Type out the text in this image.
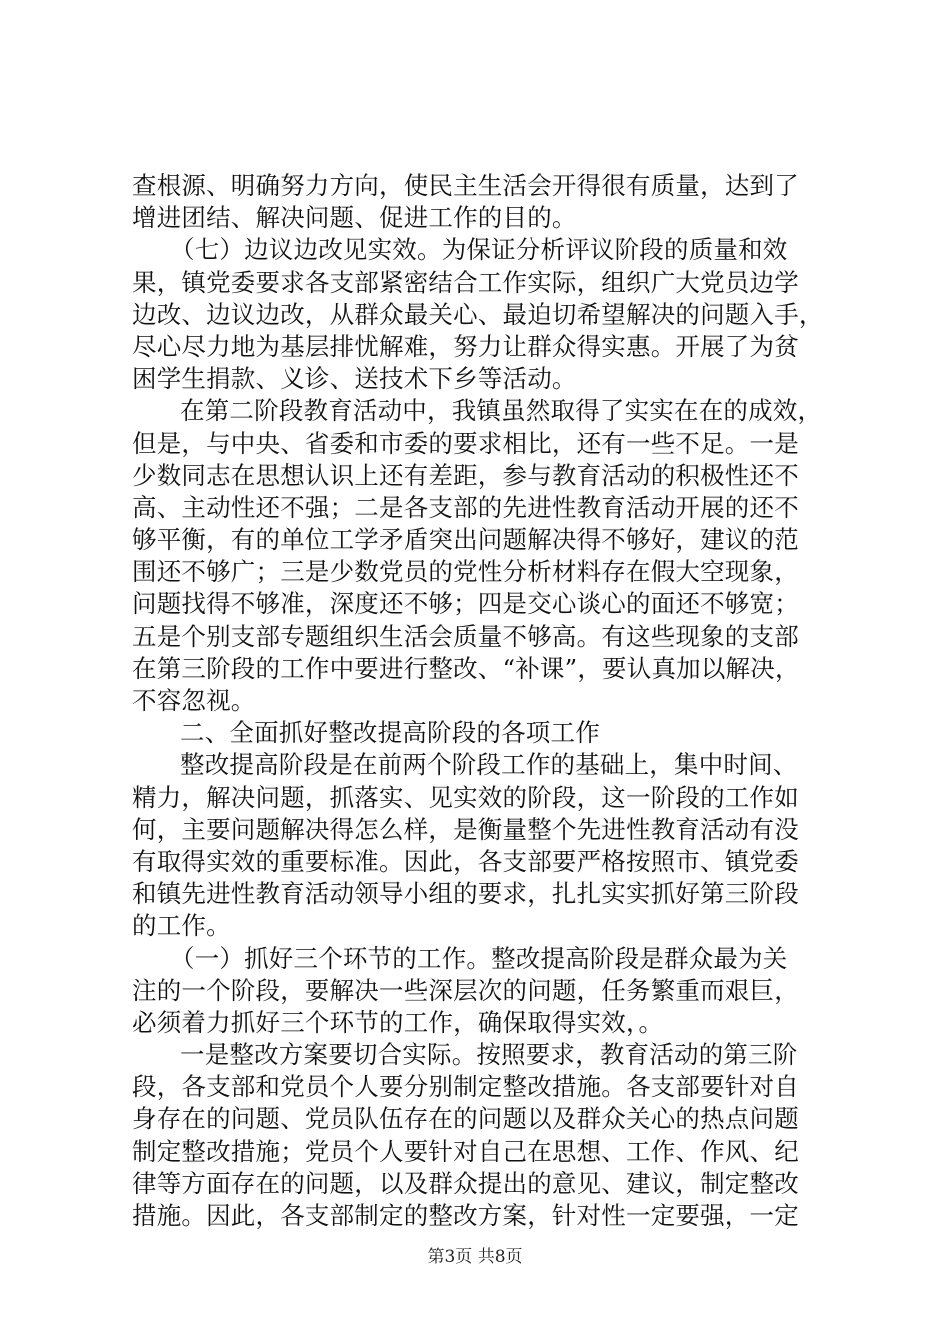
查根源、明确努力方向，使民主生活会开得很有质量，达到了
增进团结、解决问题、促进工作的目的。
（七）边议边改见实效。为保证分析评议阶段的质量和效
果，镇党委要求各支部紧密结合工作实际，组织广大党员边学
边改、边议边改，从群众最关心、最迫切希望解决的问题入手，
尽心尽力地为基层排忧解难，努力让群众得实惠。开展了为贫
困学生捐款、义诊、送技术下乡等活动。
在第二阶段教育活动中，我镇虽然取得了实实在在的成效，
但是，与中央、省委和市委的要求相比，还有一些不足。一是
少数同志在思想认识上还有差距，参与教育活动的积极性还不
高、主动性还不强；二是各支部的先进性教育活动开展的还不
够平衡，有的单位工学矛盾突出问题解决得不够好，建议的范
围还不够广；三是少数党员的党性分析材料存在假大空现象，
问题找得不够准，深度还不够；四是交心谈心的面还不够宽；
五是个别支部专题组织生活会质量不够高。有这些现象的支部
在第三阶段的工作中要进行整改、“补课”，要认真加以解决，
不容忽视。
二、全面抓好整改提高阶段的各项工作
整改提高阶段是在前两个阶段工作的基础上，集中时间、
精力，解决问题，抓落实、见实效的阶段，这一阶段的工作如
何，主要问题解决得怎么样，是衡量整个先进性教育活动有没
有取得实效的重要标准。因此，各支部要严格按照市、镇党委
和镇先进性教育活动领导小组的要求，扎扎实实抓好第三阶段
的工作。
（一）抓好三个环节的工作。整改提高阶段是群众最为关
注的一个阶段，要解决一些深层次的问题，任务繁重而艰巨，
必须着力抓好三个环节的工作，确保取得实效，。
一是整改方案要切合实际。按照要求，教育活动的第三阶
段，各支部和党员个人要分别制定整改措施。各支部要针对自
身存在的问题、党员队伍存在的问题以及群众关心的热点问题
制定整改措施；党员个人要针对自己在思想、工作、作风、纪
律等方面存在的问题，以及群众提出的意见、建议，制定整改
措施。因此，各支部制定的整改方案，针对性一定要强，一定
第3页 共8页
